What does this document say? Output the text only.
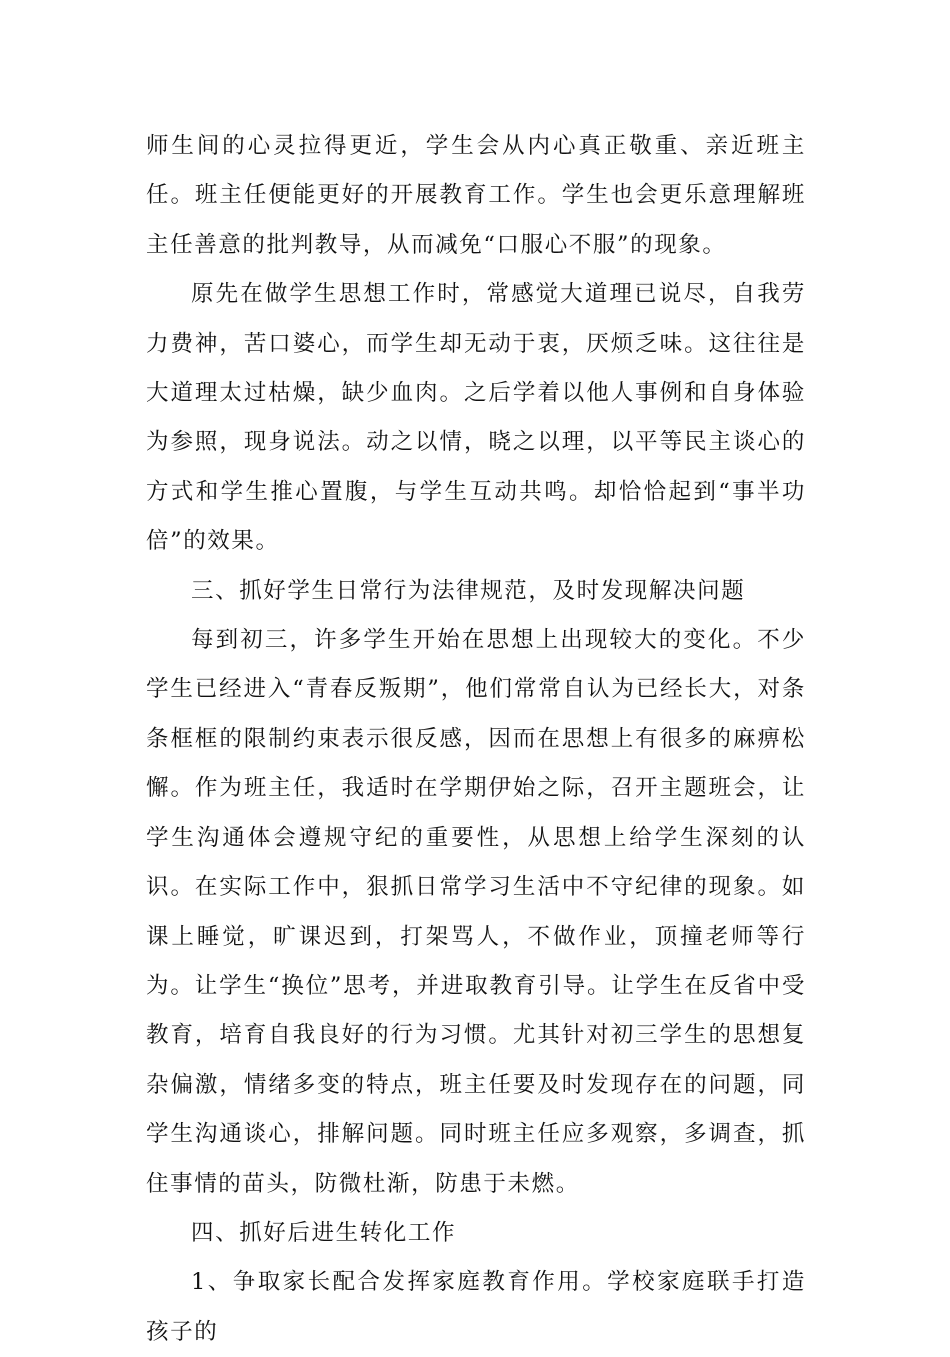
师生间的心灵拉得更近，学生会从内心真正敬重、亲近班主任。班主任便能更好的开展教育工作。学生也会更乐意理解班主任善意的批判教导，从而减免“口服心不服”的现象。

原先在做学生思想工作时，常感觉大道理已说尽，自我劳力费神，苦口婆心，而学生却无动于衷，厌烦乏味。这往往是大道理太过枯燥，缺少血肉。之后学着以他人事例和自身体验为参照，现身说法。动之以情，晓之以理，以平等民主谈心的方式和学生推心置腹，与学生互动共鸣。却恰恰起到“事半功倍”的效果。

三、抓好学生日常行为法律规范，及时发现解决问题

每到初三，许多学生开始在思想上出现较大的变化。不少学生已经进入“青春反叛期”，他们常常自认为已经长大，对条条框框的限制约束表示很反感，因而在思想上有很多的麻痹松懈。作为班主任，我适时在学期伊始之际，召开主题班会，让学生沟通体会遵规守纪的重要性，从思想上给学生深刻的认识。在实际工作中，狠抓日常学习生活中不守纪律的现象。如课上睡觉，旷课迟到，打架骂人，不做作业，顶撞老师等行为。让学生“换位”思考，并进取教育引导。让学生在反省中受教育，培育自我良好的行为习惯。尤其针对初三学生的思想复杂偏激，情绪多变的特点，班主任要及时发现存在的问题，同学生沟通谈心，排解问题。同时班主任应多观察，多调查，抓住事情的苗头，防微杜渐，防患于未燃。

四、抓好后进生转化工作

1、争取家长配合发挥家庭教育作用。学校家庭联手打造孩子的
